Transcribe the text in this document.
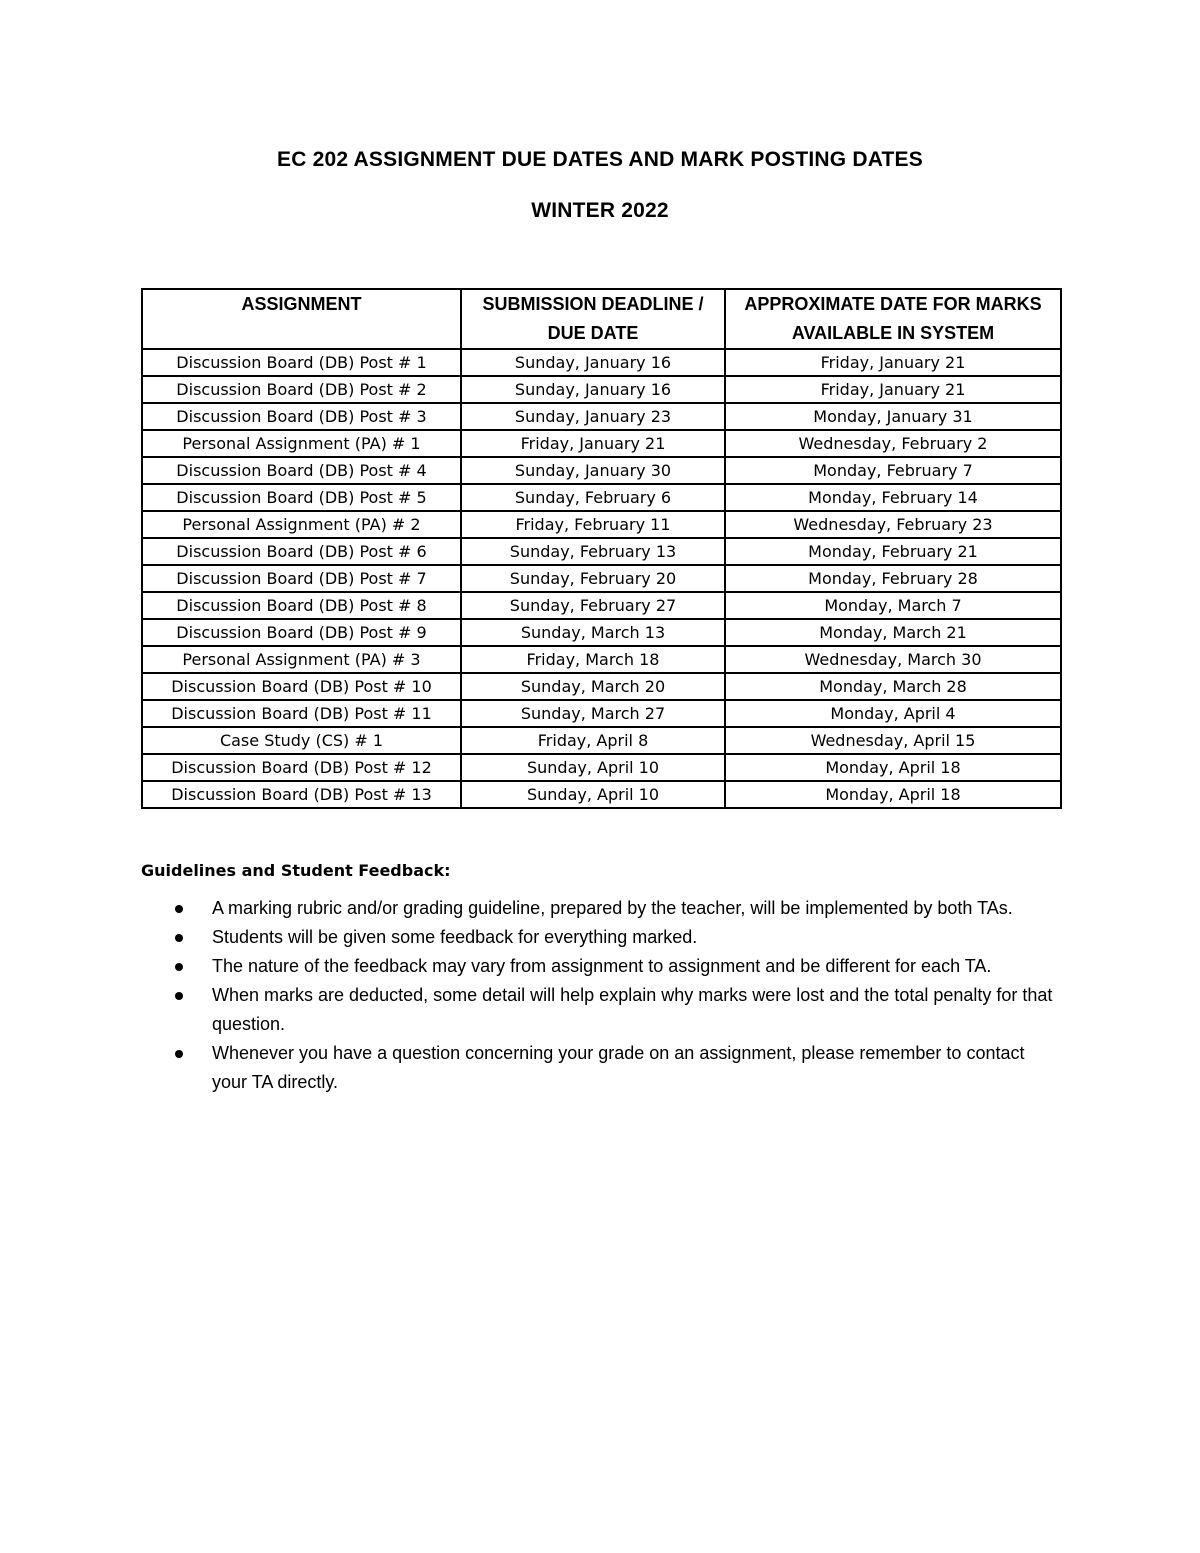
EC 202 ASSIGNMENT DUE DATES AND MARK POSTING DATES
WINTER 2022
ASSIGNMENT	SUBMISSION DEADLINE / DUE DATE	APPROXIMATE DATE FOR MARKS AVAILABLE IN SYSTEM
Discussion Board (DB) Post # 1	Sunday, January 16	Friday, January 21
Discussion Board (DB) Post # 2	Sunday, January 16	Friday, January 21
Discussion Board (DB) Post # 3	Sunday, January 23	Monday, January 31
Personal Assignment (PA) # 1	Friday, January 21	Wednesday, February 2
Discussion Board (DB) Post # 4	Sunday, January 30	Monday, February 7
Discussion Board (DB) Post # 5	Sunday, February 6	Monday, February 14
Personal Assignment (PA) # 2	Friday, February 11	Wednesday, February 23
Discussion Board (DB) Post # 6	Sunday, February 13	Monday, February 21
Discussion Board (DB) Post # 7	Sunday, February 20	Monday, February 28
Discussion Board (DB) Post # 8	Sunday, February 27	Monday, March 7
Discussion Board (DB) Post # 9	Sunday, March 13	Monday, March 21
Personal Assignment (PA) # 3	Friday, March 18	Wednesday, March 30
Discussion Board (DB) Post # 10	Sunday, March 20	Monday, March 28
Discussion Board (DB) Post # 11	Sunday, March 27	Monday, April 4
Case Study (CS) # 1	Friday, April 8	Wednesday, April 15
Discussion Board (DB) Post # 12	Sunday, April 10	Monday, April 18
Discussion Board (DB) Post # 13	Sunday, April 10	Monday, April 18
Guidelines and Student Feedback:
A marking rubric and/or grading guideline, prepared by the teacher, will be implemented by both TAs.
Students will be given some feedback for everything marked.
The nature of the feedback may vary from assignment to assignment and be different for each TA.
When marks are deducted, some detail will help explain why marks were lost and the total penalty for that question.
Whenever you have a question concerning your grade on an assignment, please remember to contact your TA directly.
